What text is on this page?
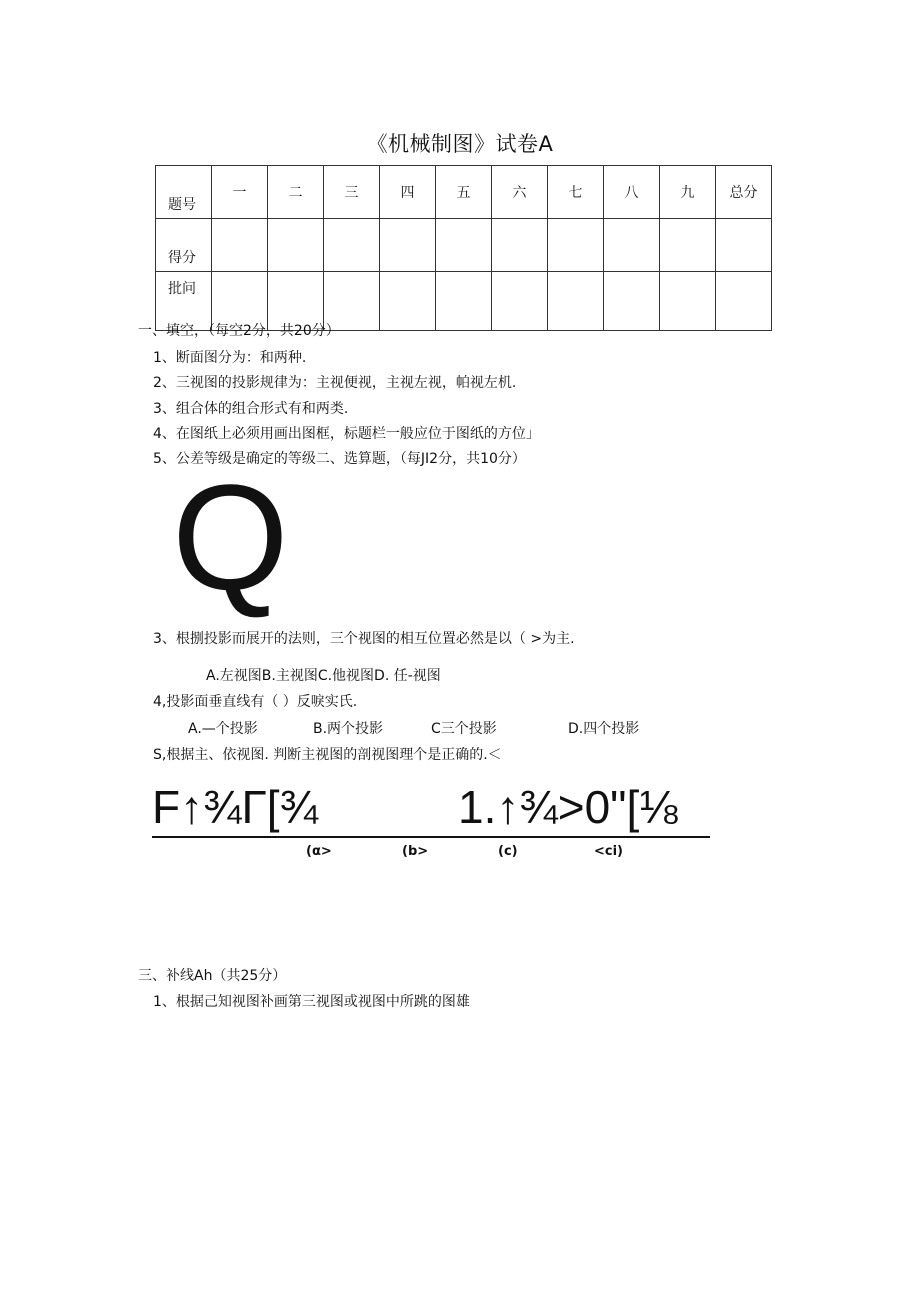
《机械制图》试卷A
题号	一	二	三	四	五	六	七	八	九	总分
得分										
批问										
一、填空，（每空2分，共20分）
1、断面图分为：和两种.
2、三视图的投影规律为：主视便视，主视左视，帕视左机.
3、组合体的组合形式有和两类.
4、在图纸上必须用画出图框，标题栏一般应位于图纸的方位」
5、公差等级是确定的等级二、选算题，（每JI2分，共10分）
Q
3、根捌投影而展开的法则，三个视图的相互位置必然是以（ >为主.
A.左视图B.主视图C.他视图D. 任-视图
4,投影面垂直线有（ ）反唳实氏.
A.—个投影	B.两个投影	C三个投影	D.四个投影
S,根据主、依视图. 判断主视图的剖视图理个是正确的.＜
F↑¾Γ[¾	1.↑¾>0"[⅛
(α>	(b>	(c)	<ci)
三、补线Ah（共25分）
1、根据己知视图补画第三视图或视图中所跳的图雄
